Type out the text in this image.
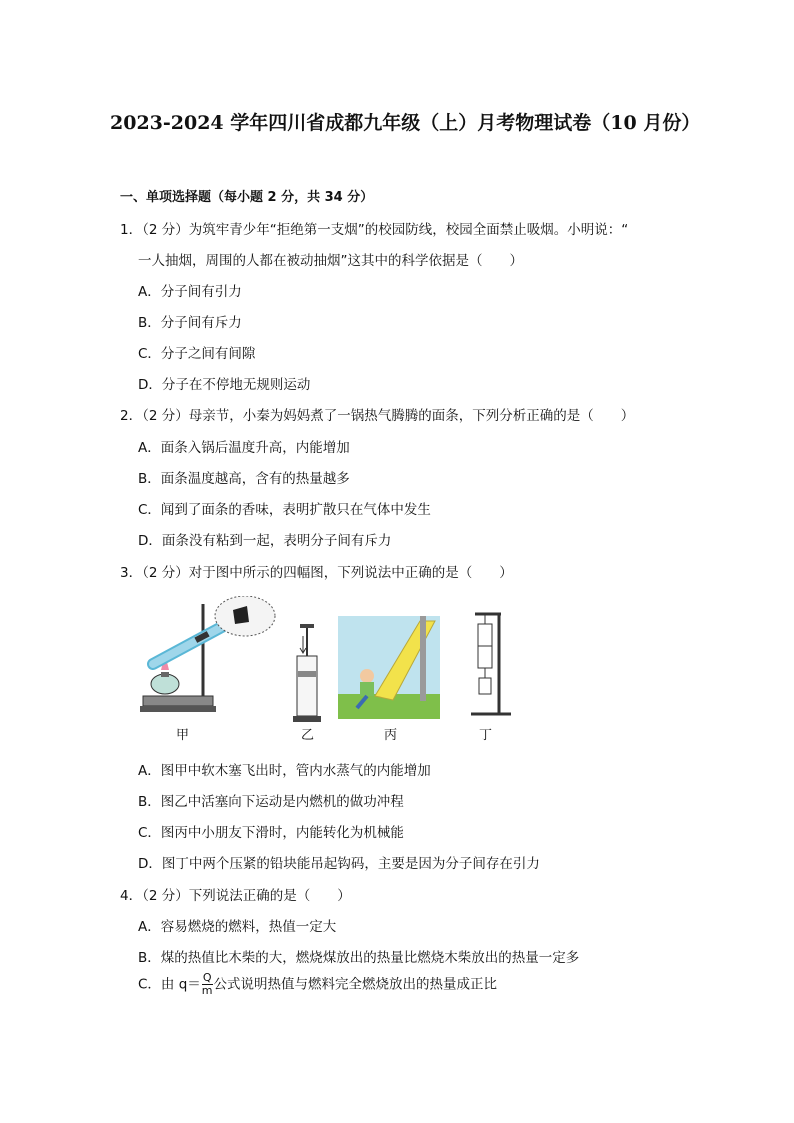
2023-2024 学年四川省成都九年级（上）月考物理试卷（10 月份）
一、单项选择题（每小题 2 分，共 34 分）
1．（2 分）为筑牢青少年“拒绝第一支烟”的校园防线，校园全面禁止吸烟。小明说：“
一人抽烟，周围的人都在被动抽烟”这其中的科学依据是（　　）
A．分子间有引力
B．分子间有斥力
C．分子之间有间隙
D．分子在不停地无规则运动
2．（2 分）母亲节，小秦为妈妈煮了一锅热气腾腾的面条，下列分析正确的是（　　）
A．面条入锅后温度升高，内能增加
B．面条温度越高，含有的热量越多
C．闻到了面条的香味，表明扩散只在气体中发生
D．面条没有粘到一起，表明分子间有斥力
3．（2 分）对于图中所示的四幅图，下列说法中正确的是（　　）
甲	乙	丙	丁
A．图甲中软木塞飞出时，管内水蒸气的内能增加
B．图乙中活塞向下运动是内燃机的做功冲程
C．图丙中小朋友下滑时，内能转化为机械能
D．图丁中两个压紧的铅块能吊起钩码，主要是因为分子间存在引力
4．（2 分）下列说法正确的是（　　）
A．容易燃烧的燃料，热值一定大
B．煤的热值比木柴的大，燃烧煤放出的热量比燃烧木柴放出的热量一定多
C．由 $q= \frac{Q}{m}$ 公式说明热值与燃料完全燃烧放出的热量成正比
